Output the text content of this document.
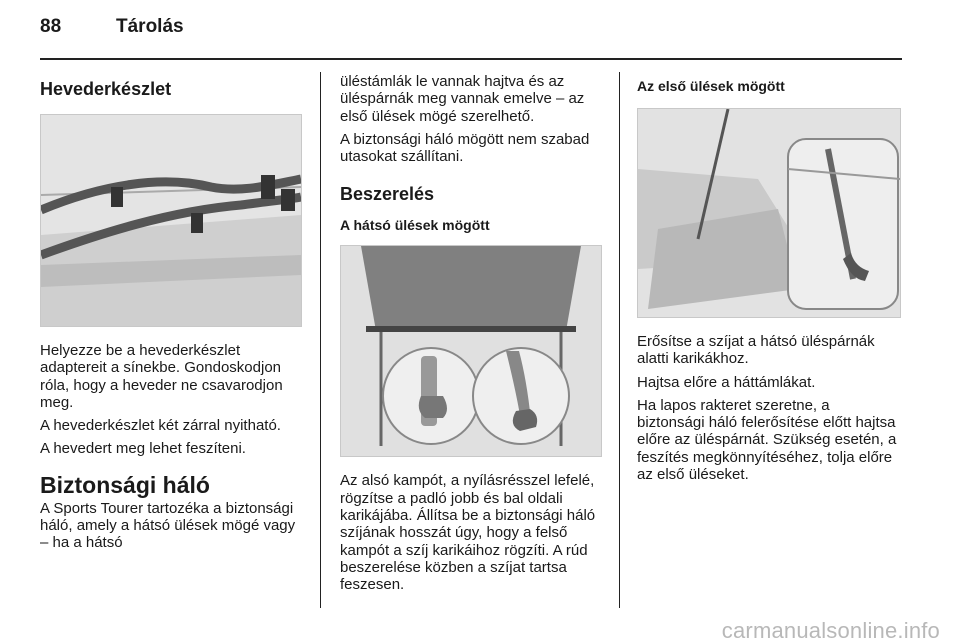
88	Tárolás
Hevederkészlet

Helyezze be a hevederkészlet adaptereit a sínekbe. Gondoskodjon róla, hogy a heveder ne csavarodjon meg.

A hevederkészlet két zárral nyitható.

A hevedert meg lehet feszíteni.

Biztonsági háló

A Sports Tourer tartozéka a biztonsági háló, amely a hátsó ülések mögé vagy – ha a hátsó

üléstámlák le vannak hajtva és az üléspárnák meg vannak emelve – az első ülések mögé szerelhető.

A biztonsági háló mögött nem szabad utasokat szállítani.

Beszerelés
A hátsó ülések mögött

Az alsó kampót, a nyílásrésszel lefelé, rögzítse a padló jobb és bal oldali karikájába. Állítsa be a biztonsági háló szíjának hosszát úgy, hogy a felső kampót a szíj karikáihoz rögzíti. A rúd beszerelése közben a szíjat tartsa feszesen.

Az első ülések mögött

Erősítse a szíjat a hátsó üléspárnák alatti karikákhoz.

Hajtsa előre a háttámlákat.

Ha lapos rakteret szeretne, a biztonsági háló felerősítése előtt hajtsa előre az üléspárnát. Szükség esetén, a feszítés megkönnyítéséhez, tolja előre az első üléseket.

carmanualsonline.info
